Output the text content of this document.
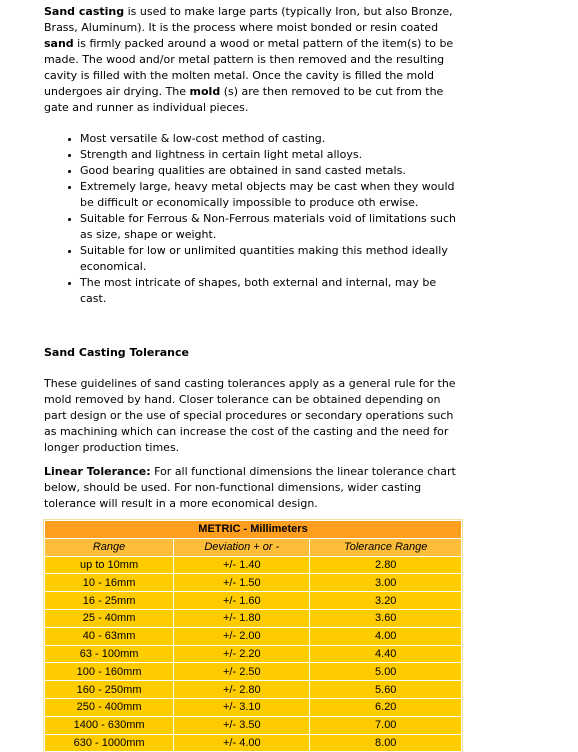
Sand casting is used to make large parts (typically Iron, but also Bronze, Brass, Aluminum). It is the process where moist bonded or resin coated sand is firmly packed around a wood or metal pattern of the item(s) to be made. The wood and/or metal pattern is then removed and the resulting cavity is filled with the molten metal. Once the cavity is filled the mold undergoes air drying. The mold (s) are then removed to be cut from the gate and runner as individual pieces.

• Most versatile & low-cost method of casting.
• Strength and lightness in certain light metal alloys.
• Good bearing qualities are obtained in sand casted metals.
• Extremely large, heavy metal objects may be cast when they would be difficult or economically impossible to produce oth erwise.
• Suitable for Ferrous & Non-Ferrous materials void of limitations such as size, shape or weight.
• Suitable for low or unlimited quantities making this method ideally economical.
• The most intricate of shapes, both external and internal, may be cast.
Sand Casting Tolerance

These guidelines of sand casting tolerances apply as a general rule for the mold removed by hand. Closer tolerance can be obtained depending on part design or the use of special procedures or secondary operations such as machining which can increase the cost of the casting and the need for longer production times.

Linear Tolerance: For all functional dimensions the linear tolerance chart below, should be used. For non-functional dimensions, wider casting tolerance will result in a more economical design.

METRIC - Millimeters		
Range	Deviation + or -	Tolerance Range
up to 10mm	+/- 1.40	2.80
10 - 16mm	+/- 1.50	3.00
16 - 25mm	+/- 1.60	3.20
25 - 40mm	+/- 1.80	3.60
40 - 63mm	+/- 2.00	4.00
63 - 100mm	+/- 2.20	4.40
100 - 160mm	+/- 2.50	5.00
160 - 250mm	+/- 2.80	5.60
250 - 400mm	+/- 3.10	6.20
1400 - 630mm	+/- 3.50	7.00
630 - 1000mm	+/- 4.00	8.00
